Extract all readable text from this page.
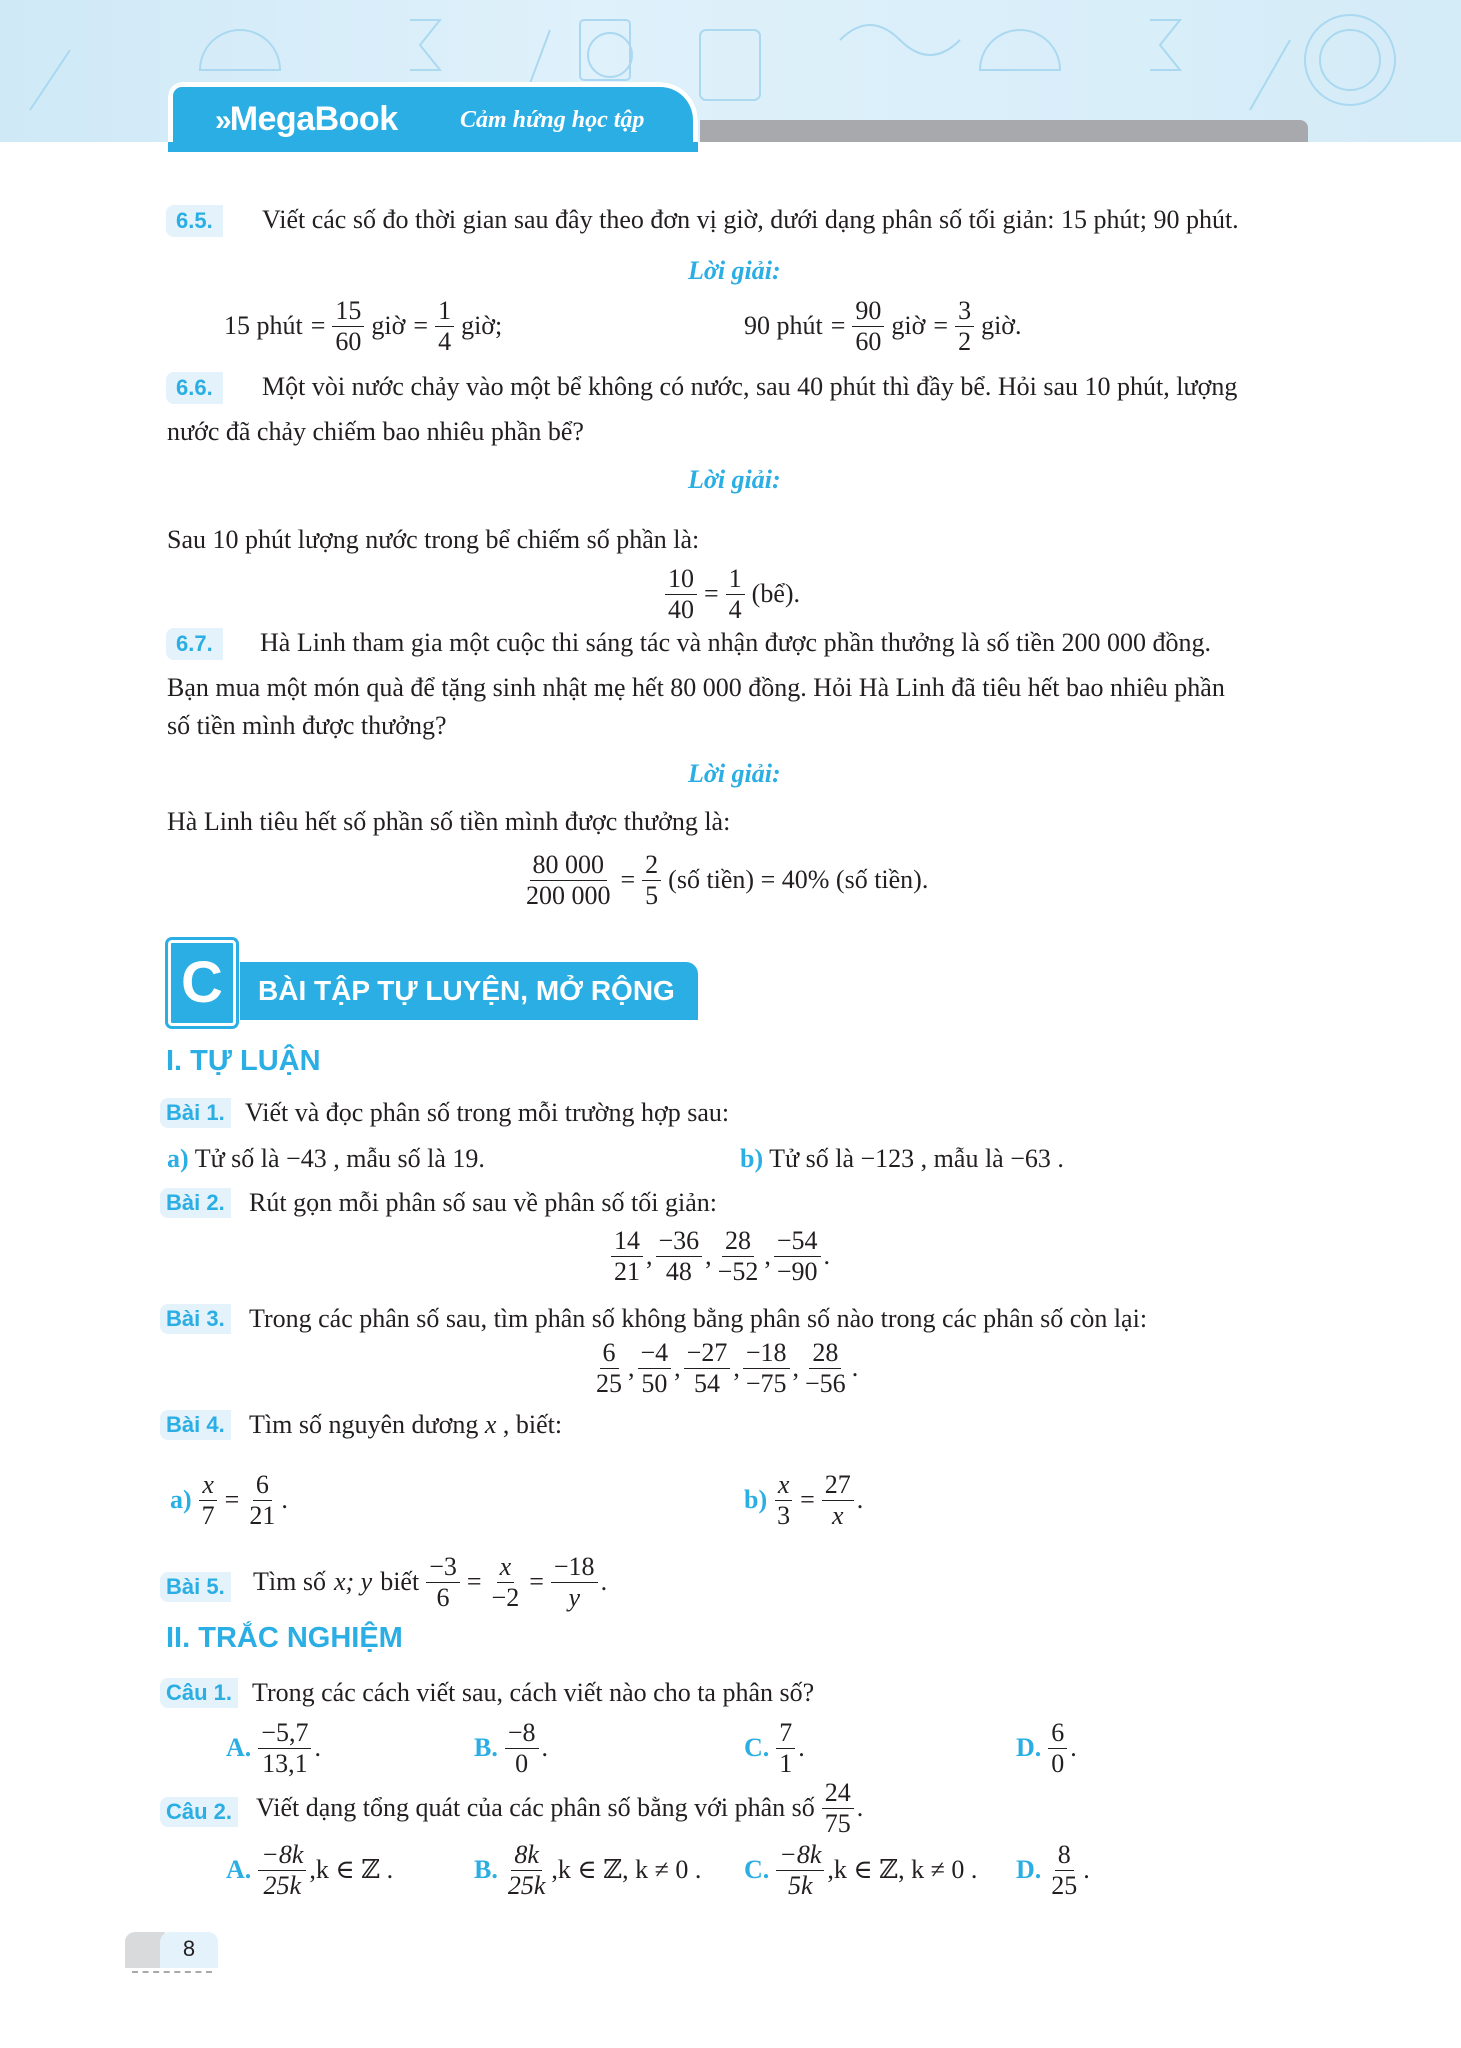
» MegaBook	Cảm hứng học tập
6.5.	Viết các số đo thời gian sau đây theo đơn vị giờ, dưới dạng phân số tối giản: 15 phút; 90 phút.
Lời giải:
15 phút = $\frac{15}{60}$ giờ = $\frac{1}{4}$ giờ;	90 phút = $\frac{90}{60}$ giờ = $\frac{3}{2}$ giờ.
6.6.	Một vòi nước chảy vào một bể không có nước, sau 40 phút thì đầy bể. Hỏi sau 10 phút, lượng
nước đã chảy chiếm bao nhiêu phần bể?
Lời giải:
Sau 10 phút lượng nước trong bể chiếm số phần là:
$\frac{10}{40} = \frac{1}{4}$ (bể).
6.7.	Hà Linh tham gia một cuộc thi sáng tác và nhận được phần thưởng là số tiền 200 000 đồng.
Bạn mua một món quà để tặng sinh nhật mẹ hết 80 000 đồng. Hỏi Hà Linh đã tiêu hết bao nhiêu phần
số tiền mình được thưởng?
Lời giải:
Hà Linh tiêu hết số phần số tiền mình được thưởng là:
$\frac{80 000}{200 000} = \frac{2}{5}$ (số tiền) = 40% (số tiền).
C	BÀI TẬP TỰ LUYỆN, MỞ RỘNG
I. TỰ LUẬN
Bài 1. Viết và đọc phân số trong mỗi trường hợp sau:
a) Tử số là −43 , mẫu số là 19.	b) Tử số là −123 , mẫu là −63 .
Bài 2. Rút gọn mỗi phân số sau về phân số tối giản:
$\frac{14}{21}$ , $\frac{-36}{48}$ , $\frac{28}{-52}$ , $\frac{-54}{-90}$ .
Bài 3. Trong các phân số sau, tìm phân số không bằng phân số nào trong các phân số còn lại:
$\frac{6}{25}$ , $\frac{-4}{50}$ , $\frac{-27}{54}$ , $\frac{-18}{-75}$ , $\frac{28}{-56}$ .
Bài 4. Tìm số nguyên dương x , biết:
$a) \frac{x}{7} = \frac{6}{21}$ .	$b) \frac{x}{3} = \frac{27}{x}$ .
Bài 5. Tìm số x; y biết $\frac{-3}{6} = \frac{x}{-2} = \frac{-18}{y}$ .
II. TRẮC NGHIỆM
Câu 1. Trong các cách viết sau, cách viết nào cho ta phân số?
A. $\frac{-5,7}{13,1}$ .	B. $\frac{-8}{0}$ .	C. $\frac{7}{1}$ .	D. $\frac{6}{0}$ .
Câu 2. Viết dạng tổng quát của các phân số bằng với phân số $\frac{24}{75}$ .
A. $\frac{-8k}{25k} ,k$ ∈ ℤ .	B. $\frac{8k}{25k} ,k$ ∈ ℤ, k ≠ 0 . C. $\frac{-8k}{5k} ,k$ ∈ ℤ, k ≠ 0 . D. $\frac{8}{25}$ .
8
